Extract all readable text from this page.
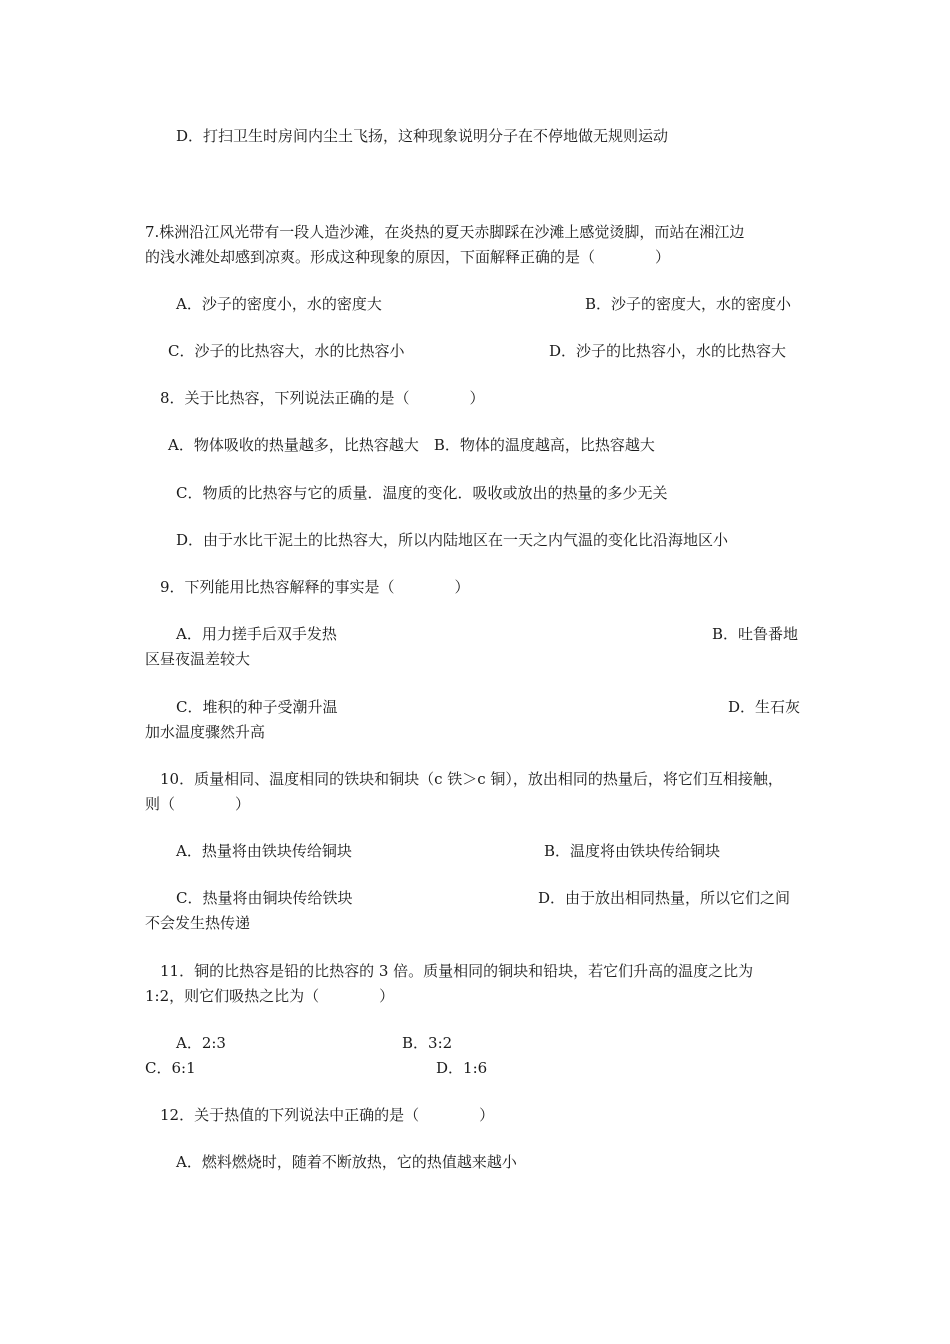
D．打扫卫生时房间内尘土飞扬，这种现象说明分子在不停地做无规则运动
7.株洲沿江风光带有一段人造沙滩，在炎热的夏天赤脚踩在沙滩上感觉烫脚，而站在湘江边
的浅水滩处却感到凉爽。形成这种现象的原因，下面解释正确的是（　　　　）
A．沙子的密度小，水的密度大	B．沙子的密度大，水的密度小
C．沙子的比热容大，水的比热容小	D．沙子的比热容小，水的比热容大
8．关于比热容，下列说法正确的是（　　　　）
A．物体吸收的热量越多，比热容越大　B．物体的温度越高，比热容越大
C．物质的比热容与它的质量．温度的变化．吸收或放出的热量的多少无关
D．由于水比干泥土的比热容大，所以内陆地区在一天之内气温的变化比沿海地区小
9．下列能用比热容解释的事实是（　　　　）
A．用力搓手后双手发热	B．吐鲁番地
区昼夜温差较大
C．堆积的种子受潮升温	D．生石灰
加水温度骤然升高
10．质量相同、温度相同的铁块和铜块（c 铁＞c 铜），放出相同的热量后，将它们互相接触，
则（　　　　）
A．热量将由铁块传给铜块	B．温度将由铁块传给铜块
C．热量将由铜块传给铁块	D．由于放出相同热量，所以它们之间
不会发生热传递
11．铜的比热容是铅的比热容的 3 倍。质量相同的铜块和铅块，若它们升高的温度之比为
1:2，则它们吸热之比为（　　　　）
A．2:3	B．3:2
C．6:1	D．1:6
12．关于热值的下列说法中正确的是（　　　　）
A．燃料燃烧时，随着不断放热，它的热值越来越小
